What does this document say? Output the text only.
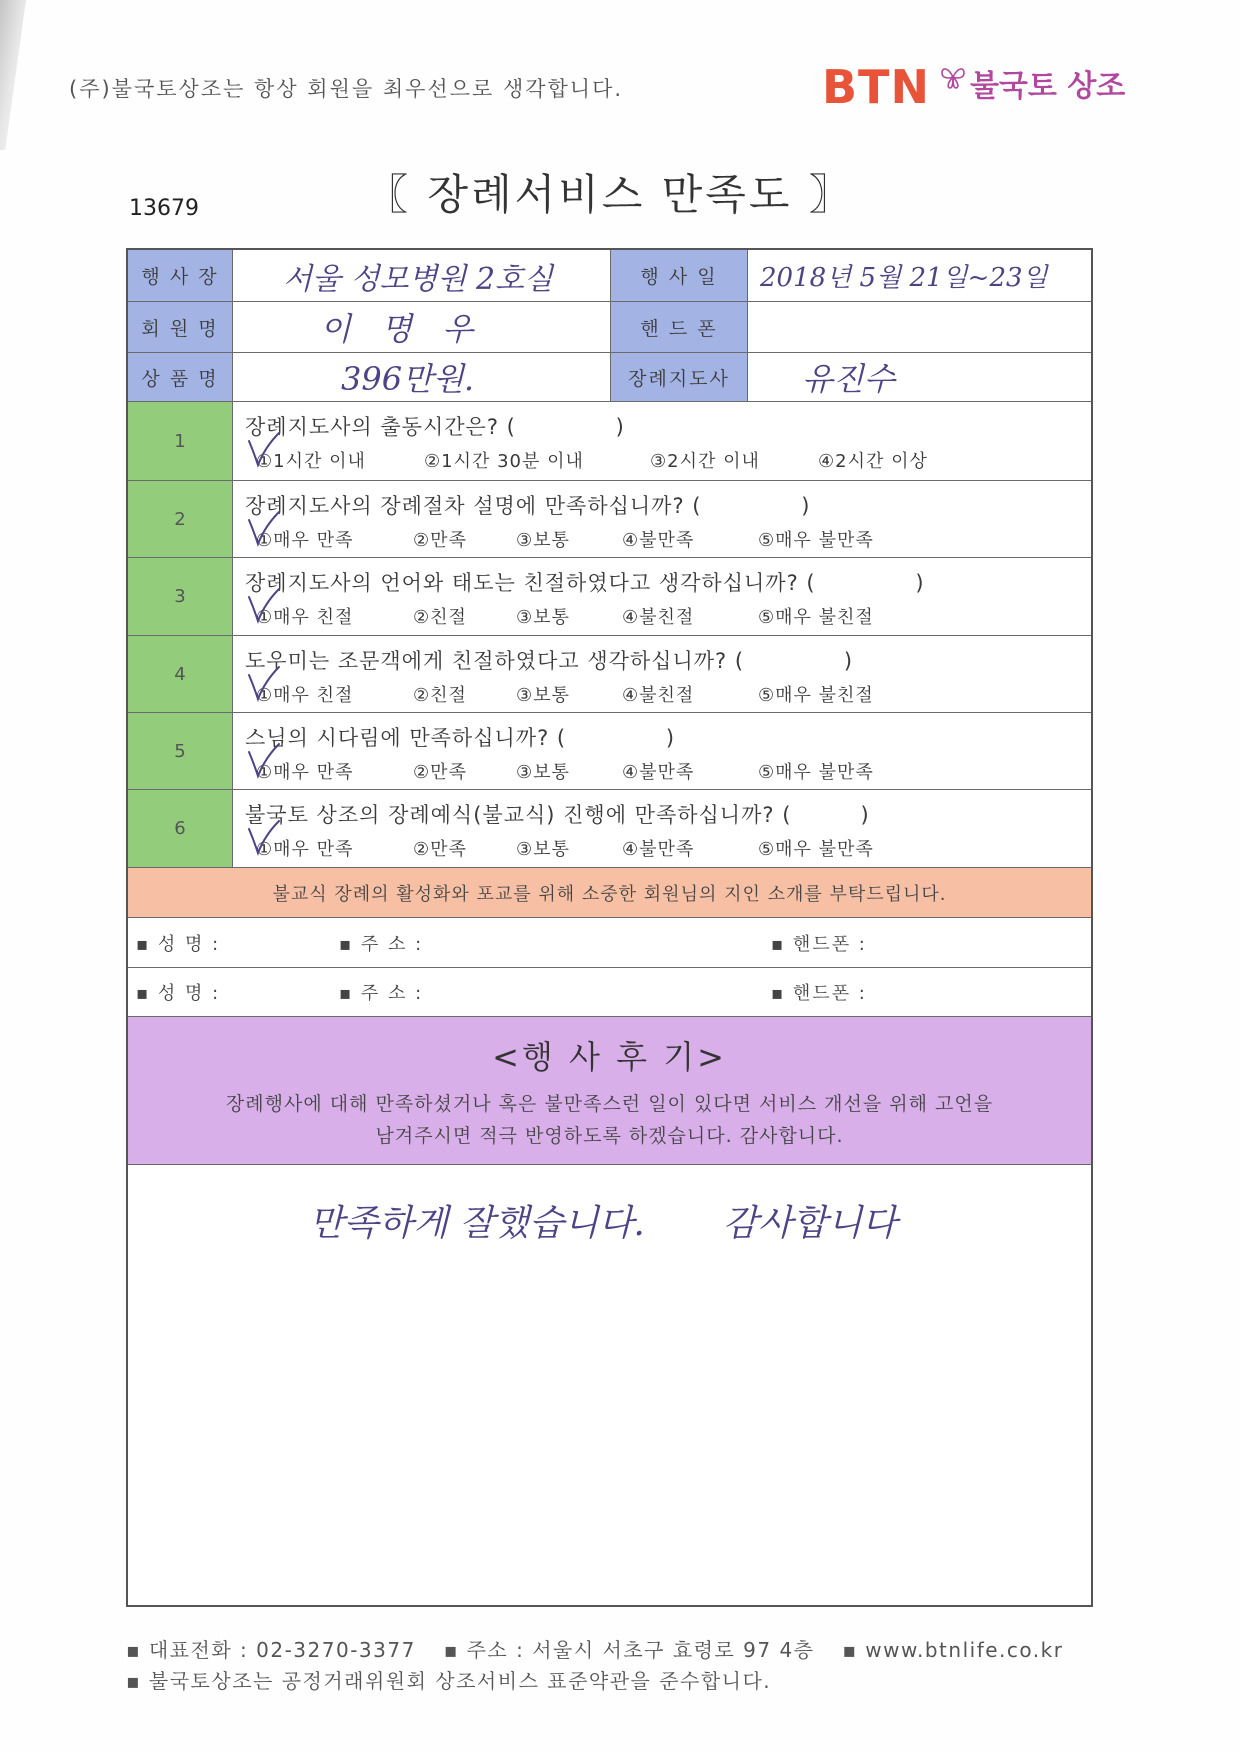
(주)불국토상조는 항상 회원을 최우선으로 생각합니다.	BTN 불국토 상조
13679	〖 장례서비스 만족도 〗
행 사 장	서울 성모병원 2호실	행 사 일	2018년 5월 21일~23일
회 원 명	이 명 우	핸 드 폰
상 품 명	396만원.	장례지도사	유진수
1
장례지도사의 출동시간은? (             )
①1시간 이내	②1시간 30분 이내	③2시간 이내	④2시간 이상
2
장례지도사의 장례절차 설명에 만족하십니까? (             )
①매우 만족	②만족	③보통	④불만족	⑤매우 불만족
3
장례지도사의 언어와 태도는 친절하였다고 생각하십니까? (             )
①매우 친절	②친절	③보통	④불친절	⑤매우 불친절
4
도우미는 조문객에게 친절하였다고 생각하십니까? (             )
①매우 친절	②친절	③보통	④불친절	⑤매우 불친절
5
스님의 시다림에 만족하십니까? (             )
①매우 만족	②만족	③보통	④불만족	⑤매우 불만족
6
불국토 상조의 장례예식(불교식) 진행에 만족하십니까? (         )
①매우 만족	②만족	③보통	④불만족	⑤매우 불만족
불교식 장례의 활성화와 포교를 위해 소중한 회원님의 지인 소개를 부탁드립니다.
▪ 성 명 :	▪ 주 소 :	▪ 핸드폰 :
▪ 성 명 :	▪ 주 소 :	▪ 핸드폰 :
<행 사 후 기>
장례행사에 대해 만족하셨거나 혹은 불만족스런 일이 있다면 서비스 개선을 위해 고언을
남겨주시면 적극 반영하도록 하겠습니다. 감사합니다.
만족하게 잘했습니다. 감사합니다
▪ 대표전화 : 02-3270-3377 ▪ 주소 : 서울시 서초구 효령로 97 4층 ▪ www.btnlife.co.kr
▪ 불국토상조는 공정거래위원회 상조서비스 표준약관을 준수합니다.
